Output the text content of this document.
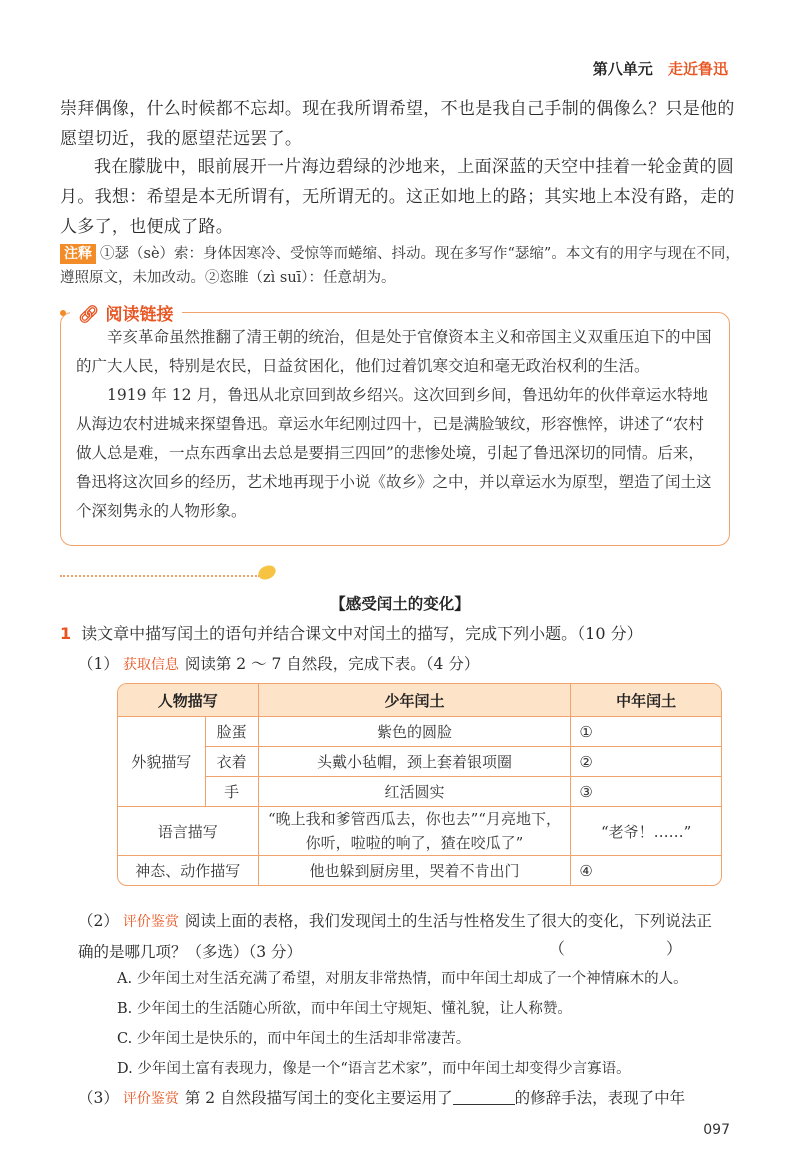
第八单元 走近鲁迅
崇拜偶像，什么时候都不忘却。现在我所谓希望，不也是我自己手制的偶像么？只是他的愿望切近，我的愿望茫远罢了。
我在朦胧中，眼前展开一片海边碧绿的沙地来，上面深蓝的天空中挂着一轮金黄的圆月。我想：希望是本无所谓有，无所谓无的。这正如地上的路；其实地上本没有路，走的人多了，也便成了路。
注释 ①瑟（sè）索：身体因寒冷、受惊等而蜷缩、抖动。现在多写作“瑟缩”。本文有的用字与现在不同，遵照原文，未加改动。②恣睢（zì suī）：任意胡为。
🔗︎ 阅读链接

辛亥革命虽然推翻了清王朝的统治，但是处于官僚资本主义和帝国主义双重压迫下的中国的广大人民，特别是农民，日益贫困化，他们过着饥寒交迫和毫无政治权利的生活。

1919 年 12 月，鲁迅从北京回到故乡绍兴。这次回到乡间，鲁迅幼年的伙伴章运水特地从海边农村进城来探望鲁迅。章运水年纪刚过四十，已是满脸皱纹，形容憔悴，讲述了“农村做人总是难，一点东西拿出去总是要捐三四回”的悲惨处境，引起了鲁迅深切的同情。后来，鲁迅将这次回乡的经历，艺术地再现于小说《故乡》之中，并以章运水为原型，塑造了闰土这个深刻隽永的人物形象。

【感受闰土的变化】
1 读文章中描写闰土的语句并结合课文中对闰土的描写，完成下列小题。（10 分）
（1） 获取信息 阅读第 2 ～ 7 自然段，完成下表。（4 分）
人物描写		少年闰土	中年闰土
外貌描写	脸蛋	紫色的圆脸	①
	衣着	头戴小毡帽，颈上套着银项圈	②
	手	红活圆实	③
语言描写		“晚上我和爹管西瓜去，你也去”“月亮地下，你听，啦啦的响了，猹在咬瓜了”	“老爷！……”
神态、动作描写		他也躲到厨房里，哭着不肯出门	④
（2） 评价鉴赏 阅读上面的表格，我们发现闰土的生活与性格发生了很大的变化，下列说法正确的是哪几项？（多选）（3 分）	（ ）
A. 少年闰土对生活充满了希望，对朋友非常热情，而中年闰土却成了一个神情麻木的人。
B. 少年闰土的生活随心所欲，而中年闰土守规矩、懂礼貌，让人称赞。
C. 少年闰土是快乐的，而中年闰土的生活却非常凄苦。
D. 少年闰土富有表现力，像是一个“语言艺术家”，而中年闰土却变得少言寡语。
（3） 评价鉴赏 第 2 自然段描写闰土的变化主要运用了	的修辞手法，表现了中年
097
